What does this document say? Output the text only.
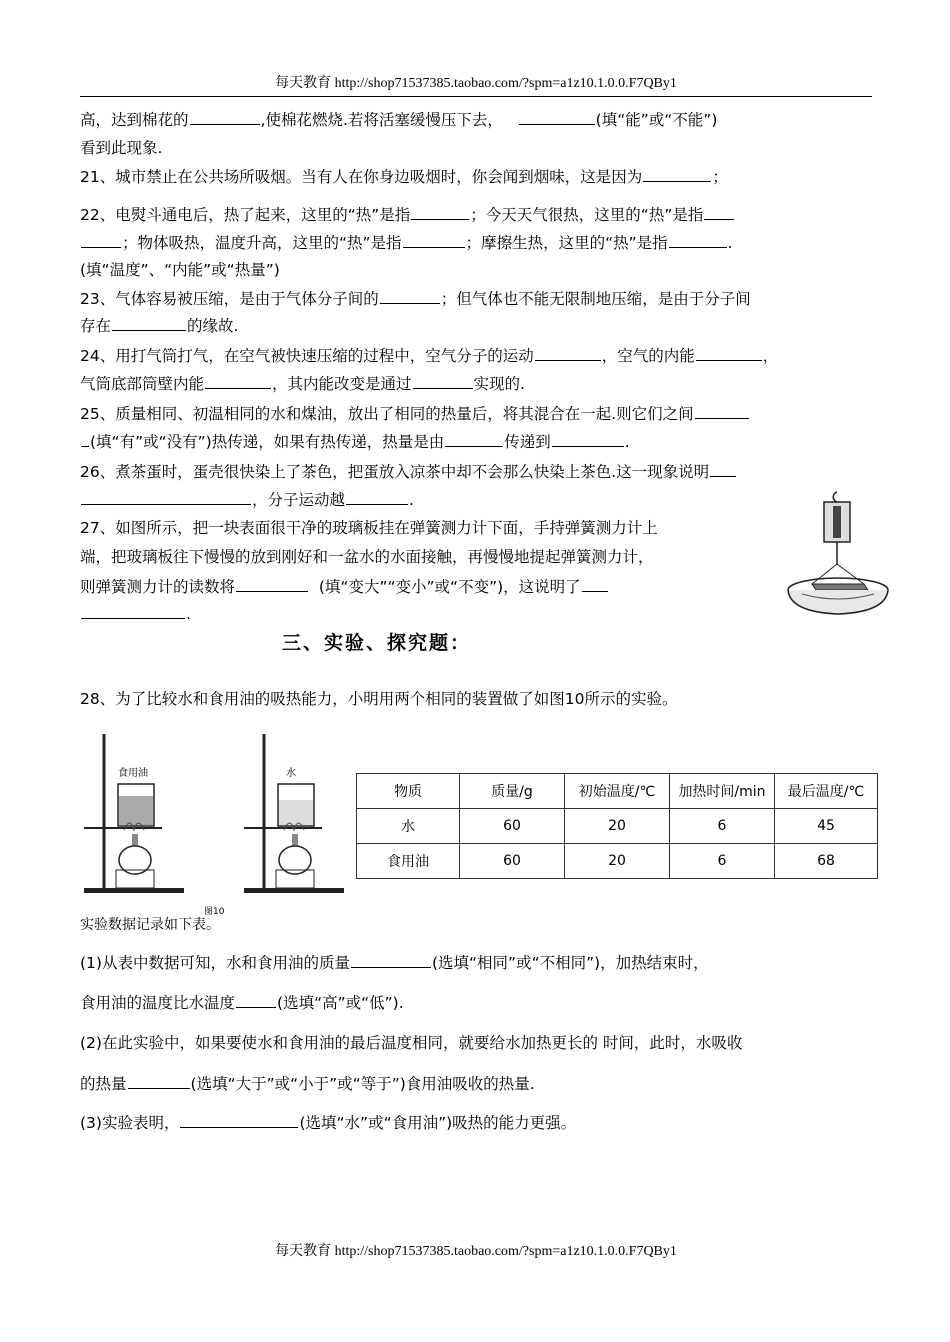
每天教育 http://shop71537385.taobao.com/?spm=a1z10.1.0.0.F7QBy1
高，达到棉花的	,使棉花燃烧.若将活塞缓慢压下去，	(填“能”或“不能”)
看到此现象.
21、城市禁止在公共场所吸烟。当有人在你身边吸烟时，你会闻到烟味，这是因为	；
22、电熨斗通电后，热了起来，这里的“热”是指	；今天天气很热，这里的“热”是指
；物体吸热，温度升高，这里的“热”是指	；摩擦生热，这里的“热”是指	.
(填“温度”、“内能”或“热量”)
23、气体容易被压缩，是由于气体分子间的	；但气体也不能无限制地压缩，是由于分子间
存在	的缘故.
24、用打气筒打气，在空气被快速压缩的过程中，空气分子的运动	，空气的内能	，
气筒底部筒壁内能	，其内能改变是通过	实现的.
25、质量相同、初温相同的水和煤油，放出了相同的热量后，将其混合在一起.则它们之间
(填“有”或“没有”)热传递，如果有热传递，热量是由	传递到	.
26、煮茶蛋时，蛋壳很快染上了茶色，把蛋放入凉茶中却不会那么快染上茶色.这一现象说明
，分子运动越	.
27、如图所示，把一块表面很干净的玻璃板挂在弹簧测力计下面，手持弹簧测力计上
端，把玻璃板往下慢慢的放到刚好和一盆水的水面接触，再慢慢地提起弹簧测力计，
则弹簧测力计的读数将	(填“变大”“变小”或“不变”)，这说明了
.
三、实验、探究题：
28、为了比较水和食用油的吸热能力，小明用两个相同的装置做了如图10所示的实验。
食用油	水
图10
物质	质量/g	初始温度/℃	加热时间/min	最后温度/℃
水	60	20	6	45
食用油	60	20	6	68
实验数据记录如下表。
(1)从表中数据可知，水和食用油的质量	(选填“相同”或“不相同”)，加热结束时，
食用油的温度比水温度	(选填“高”或“低”).
(2)在此实验中，如果要使水和食用油的最后温度相同，就要给水加热更长的 时间，此时，水吸收
的热量	(选填“大于”或“小于”或“等于”)食用油吸收的热量.
(3)实验表明，	(选填“水”或“食用油”)吸热的能力更强。
每天教育 http://shop71537385.taobao.com/?spm=a1z10.1.0.0.F7QBy1
